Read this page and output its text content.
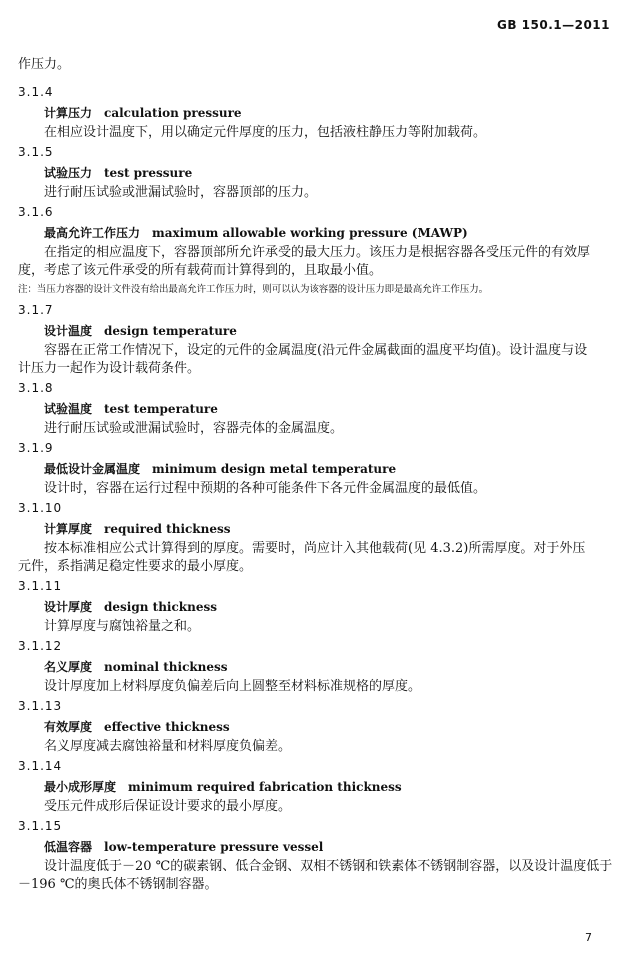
GB 150.1—2011
作压力。
3.1.4
计算压力 calculation pressure
在相应设计温度下，用以确定元件厚度的压力，包括液柱静压力等附加载荷。
3.1.5
试验压力 test pressure
进行耐压试验或泄漏试验时，容器顶部的压力。
3.1.6
最高允许工作压力 maximum allowable working pressure (MAWP)
在指定的相应温度下，容器顶部所允许承受的最大压力。该压力是根据容器各受压元件的有效厚
度，考虑了该元件承受的所有载荷而计算得到的，且取最小值。
注：当压力容器的设计文件没有给出最高允许工作压力时，则可以认为该容器的设计压力即是最高允许工作压力。
3.1.7
设计温度 design temperature
容器在正常工作情况下，设定的元件的金属温度(沿元件金属截面的温度平均值)。设计温度与设
计压力一起作为设计载荷条件。
3.1.8
试验温度 test temperature
进行耐压试验或泄漏试验时，容器壳体的金属温度。
3.1.9
最低设计金属温度 minimum design metal temperature
设计时，容器在运行过程中预期的各种可能条件下各元件金属温度的最低值。
3.1.10
计算厚度 required thickness
按本标准相应公式计算得到的厚度。需要时，尚应计入其他载荷(见 4.3.2)所需厚度。对于外压
元件，系指满足稳定性要求的最小厚度。
3.1.11
设计厚度 design thickness
计算厚度与腐蚀裕量之和。
3.1.12
名义厚度 nominal thickness
设计厚度加上材料厚度负偏差后向上圆整至材料标准规格的厚度。
3.1.13
有效厚度 effective thickness
名义厚度减去腐蚀裕量和材料厚度负偏差。
3.1.14
最小成形厚度 minimum required fabrication thickness
受压元件成形后保证设计要求的最小厚度。
3.1.15
低温容器 low-temperature pressure vessel
设计温度低于－20 ℃的碳素钢、低合金钢、双相不锈钢和铁素体不锈钢制容器，以及设计温度低于
－196 ℃的奥氏体不锈钢制容器。
7
